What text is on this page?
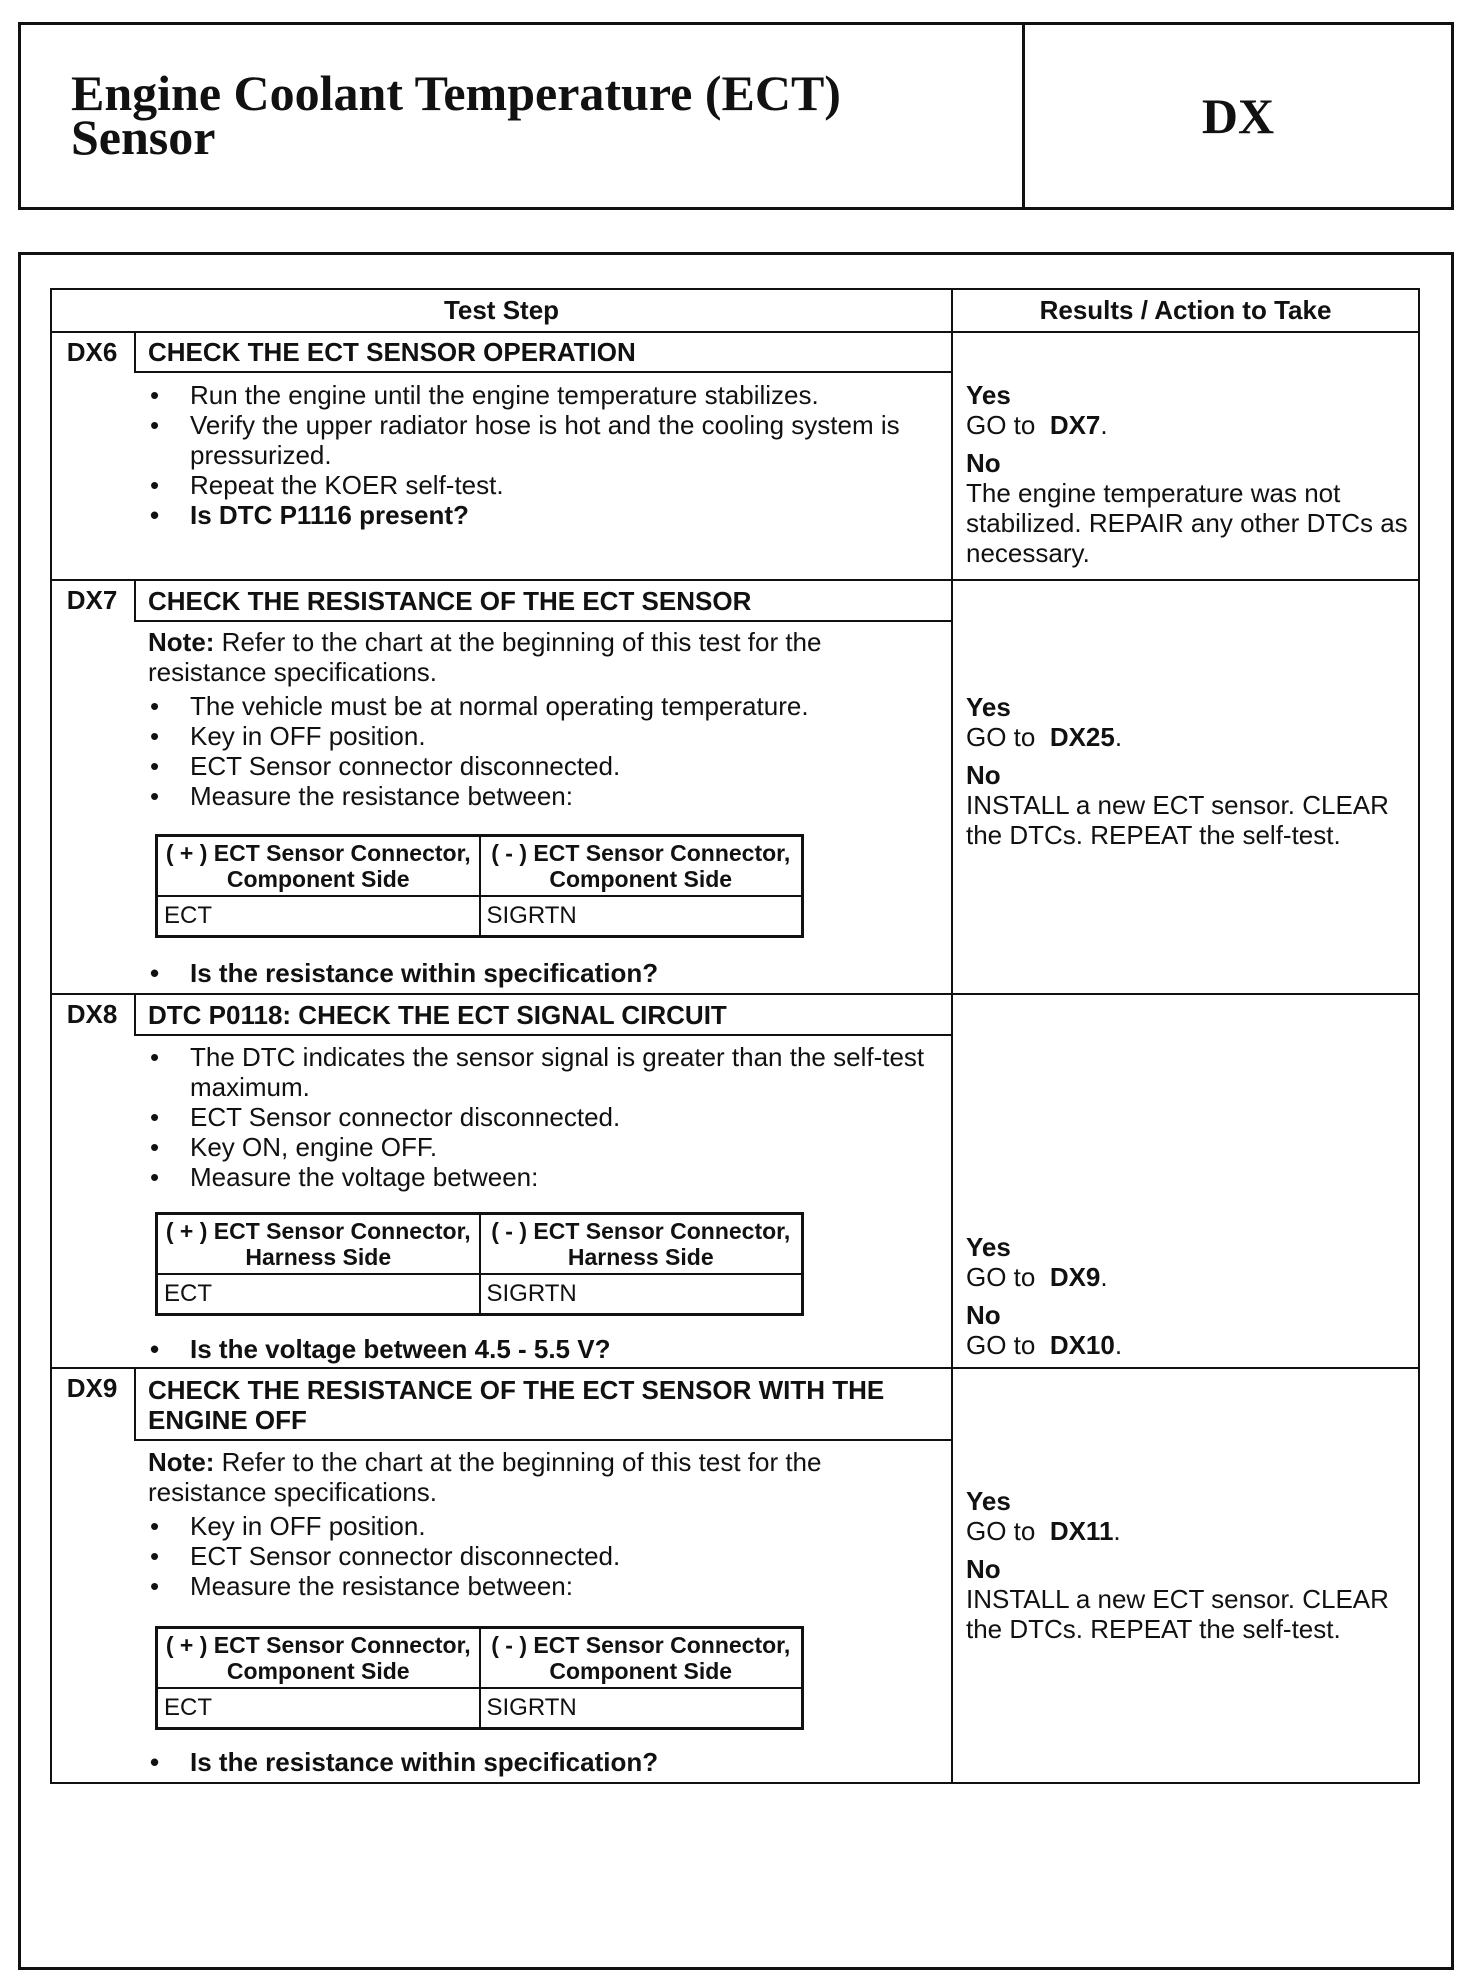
Engine Coolant Temperature (ECT)
Sensor	DX
Test Step	Results / Action to Take
DX6	CHECK THE ECT SENSOR OPERATION
• Run the engine until the engine temperature stabilizes.
• Verify the upper radiator hose is hot and the cooling system is pressurized.
• Repeat the KOER self-test.
• Is DTC P1116 present?
Yes
GO to DX7.
No
The engine temperature was not stabilized. REPAIR any other DTCs as necessary.
DX7	CHECK THE RESISTANCE OF THE ECT SENSOR
Note: Refer to the chart at the beginning of this test for the resistance specifications.
• The vehicle must be at normal operating temperature.
• Key in OFF position.
• ECT Sensor connector disconnected.
• Measure the resistance between:
( + ) ECT Sensor Connector, Component Side	( - ) ECT Sensor Connector, Component Side
ECT	SIGRTN
• Is the resistance within specification?
Yes
GO to DX25.
No
INSTALL a new ECT sensor. CLEAR the DTCs. REPEAT the self-test.
DX8	DTC P0118: CHECK THE ECT SIGNAL CIRCUIT
• The DTC indicates the sensor signal is greater than the self-test maximum.
• ECT Sensor connector disconnected.
• Key ON, engine OFF.
• Measure the voltage between:
( + ) ECT Sensor Connector, Harness Side	( - ) ECT Sensor Connector, Harness Side
ECT	SIGRTN
• Is the voltage between 4.5 - 5.5 V?
Yes
GO to DX9.
No
GO to DX10.
DX9	CHECK THE RESISTANCE OF THE ECT SENSOR WITH THE ENGINE OFF
Note: Refer to the chart at the beginning of this test for the resistance specifications.
• Key in OFF position.
• ECT Sensor connector disconnected.
• Measure the resistance between:
( + ) ECT Sensor Connector, Component Side	( - ) ECT Sensor Connector, Component Side
ECT	SIGRTN
• Is the resistance within specification?
Yes
GO to DX11.
No
INSTALL a new ECT sensor. CLEAR the DTCs. REPEAT the self-test.
